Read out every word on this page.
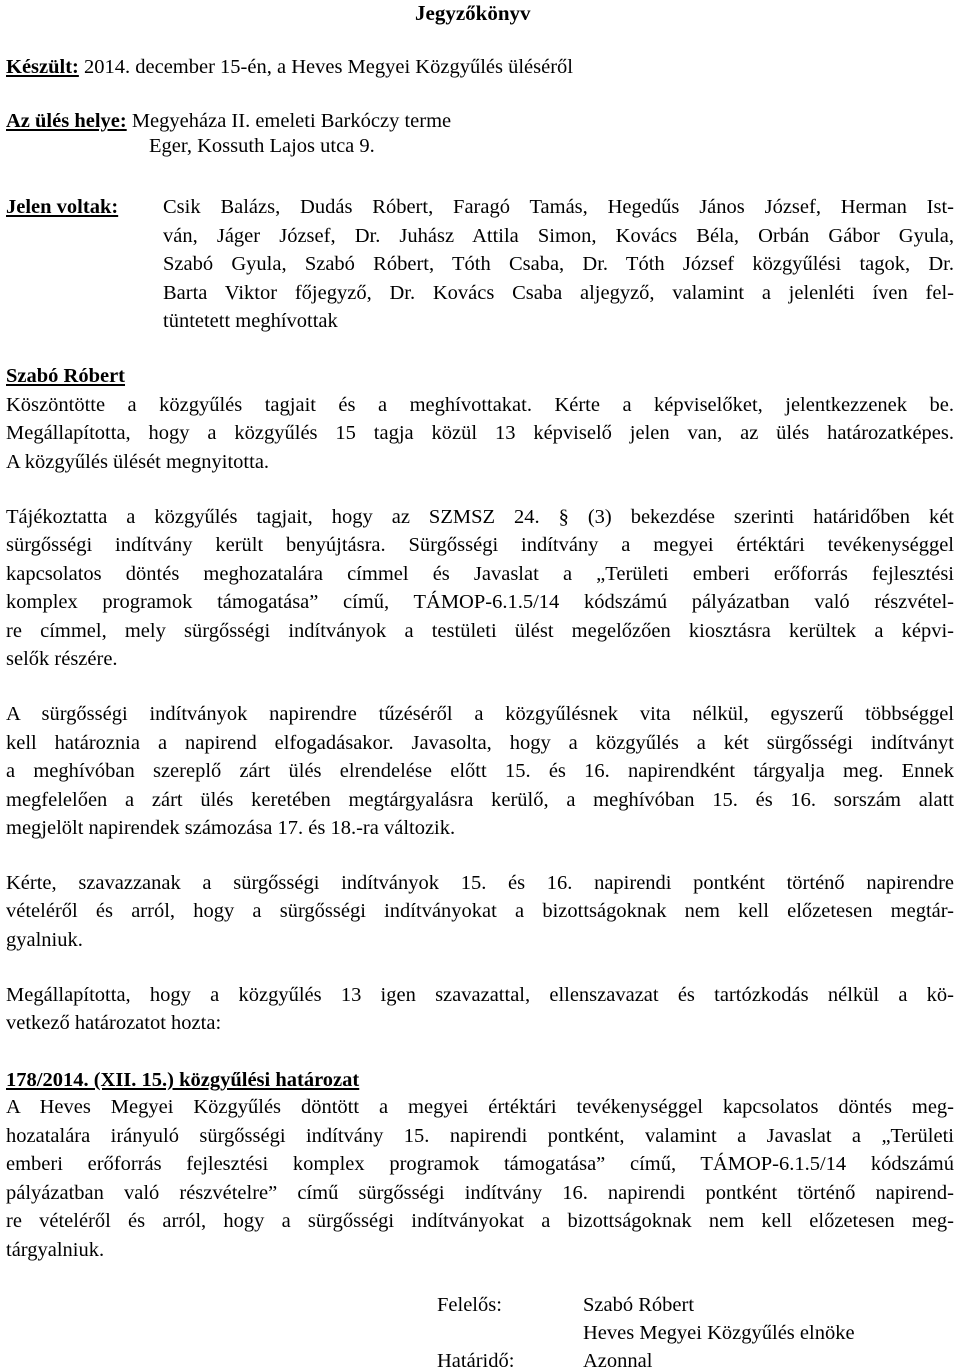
Jegyzőkönyv
Készült: 2014. december 15-én, a Heves Megyei Közgyűlés üléséről
Az ülés helye: Megyeháza II. emeleti Barkóczy terme
Eger, Kossuth Lajos utca 9.
Jelen voltak: Csik Balázs, Dudás Róbert, Faragó Tamás, Hegedűs János József, Herman Ist-
ván, Jáger József, Dr. Juhász Attila Simon, Kovács Béla, Orbán Gábor Gyula,
Szabó Gyula, Szabó Róbert, Tóth Csaba, Dr. Tóth József közgyűlési tagok, Dr.
Barta Viktor főjegyző, Dr. Kovács Csaba aljegyző, valamint a jelenléti íven fel-
tüntetett meghívottak
Szabó Róbert
Köszöntötte a közgyűlés tagjait és a meghívottakat. Kérte a képviselőket, jelentkezzenek be.
Megállapította, hogy a közgyűlés 15 tagja közül 13 képviselő jelen van, az ülés határozatképes.
A közgyűlés ülését megnyitotta.
Tájékoztatta a közgyűlés tagjait, hogy az SZMSZ 24. § (3) bekezdése szerinti határidőben két
sürgősségi indítvány került benyújtásra. Sürgősségi indítvány a megyei értéktári tevékenységgel
kapcsolatos döntés meghozatalára címmel és Javaslat a „Területi emberi erőforrás fejlesztési
komplex programok támogatása” című, TÁMOP-6.1.5/14 kódszámú pályázatban való részvétel-
re címmel, mely sürgősségi indítványok a testületi ülést megelőzően kiosztásra kerültek a képvi-
selők részére.
A sürgősségi indítványok napirendre tűzéséről a közgyűlésnek vita nélkül, egyszerű többséggel
kell határoznia a napirend elfogadásakor. Javasolta, hogy a közgyűlés a két sürgősségi indítványt
a meghívóban szereplő zárt ülés elrendelése előtt 15. és 16. napirendként tárgyalja meg. Ennek
megfelelően a zárt ülés keretében megtárgyalásra kerülő, a meghívóban 15. és 16. sorszám alatt
megjelölt napirendek számozása 17. és 18.-ra változik.
Kérte, szavazzanak a sürgősségi indítványok 15. és 16. napirendi pontként történő napirendre
vételéről és arról, hogy a sürgősségi indítványokat a bizottságoknak nem kell előzetesen megtár-
gyalniuk.
Megállapította, hogy a közgyűlés 13 igen szavazattal, ellenszavazat és tartózkodás nélkül a kö-
vetkező határozatot hozta:
178/2014. (XII. 15.) közgyűlési határozat
A Heves Megyei Közgyűlés döntött a megyei értéktári tevékenységgel kapcsolatos döntés meg-
hozatalára irányuló sürgősségi indítvány 15. napirendi pontként, valamint a Javaslat a „Területi
emberi erőforrás fejlesztési komplex programok támogatása” című, TÁMOP-6.1.5/14 kódszámú
pályázatban való részvételre” című sürgősségi indítvány 16. napirendi pontként történő napirend-
re vételéről és arról, hogy a sürgősségi indítványokat a bizottságoknak nem kell előzetesen meg-
tárgyalniuk.
Felelős:	Szabó Róbert
Heves Megyei Közgyűlés elnöke
Határidő:	Azonnal
